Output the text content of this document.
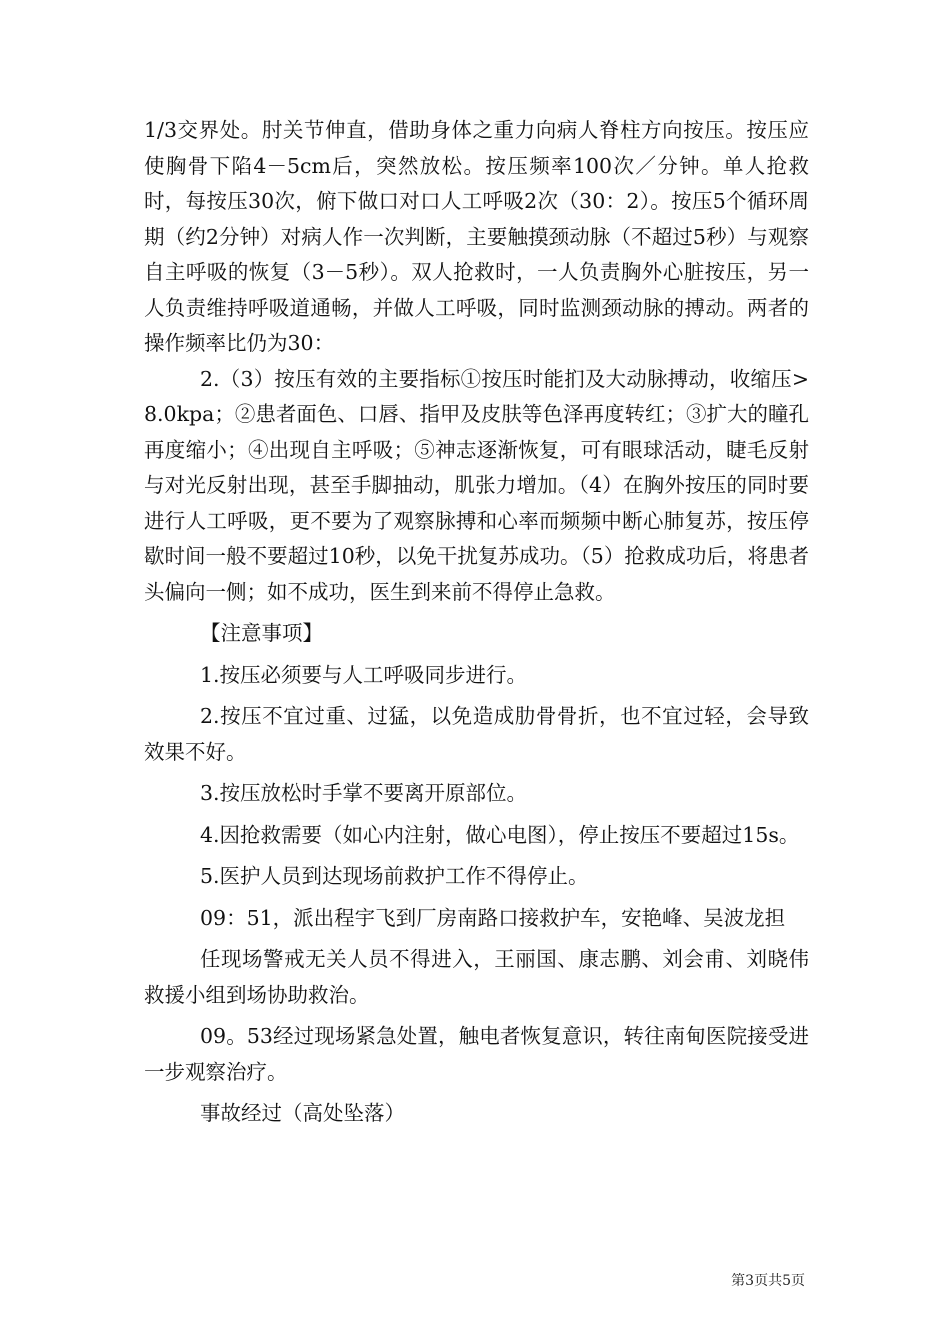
1/3交界处。肘关节伸直，借助身体之重力向病人脊柱方向按压。按压应使胸骨下陷4－5cm后，突然放松。按压频率100次／分钟。单人抢救时，每按压30次，俯下做口对口人工呼吸2次（30：2）。按压5个循环周期（约2分钟）对病人作一次判断，主要触摸颈动脉（不超过5秒）与观察自主呼吸的恢复（3－5秒）。双人抢救时，一人负责胸外心脏按压，另一人负责维持呼吸道通畅，并做人工呼吸，同时监测颈动脉的搏动。两者的操作频率比仍为30：

2.（3）按压有效的主要指标①按压时能扪及大动脉搏动，收缩压>8.0kpa；②患者面色、口唇、指甲及皮肤等色泽再度转红；③扩大的瞳孔再度缩小；④出现自主呼吸；⑤神志逐渐恢复，可有眼球活动，睫毛反射与对光反射出现，甚至手脚抽动，肌张力增加。（4）在胸外按压的同时要进行人工呼吸，更不要为了观察脉搏和心率而频频中断心肺复苏，按压停歇时间一般不要超过10秒，以免干扰复苏成功。（5）抢救成功后，将患者头偏向一侧；如不成功，医生到来前不得停止急救。

【注意事项】

1.按压必须要与人工呼吸同步进行。

2.按压不宜过重、过猛，以免造成肋骨骨折，也不宜过轻，会导致效果不好。

3.按压放松时手掌不要离开原部位。

4.因抢救需要（如心内注射，做心电图），停止按压不要超过15s。

5.医护人员到达现场前救护工作不得停止。

09：51，派出程宇飞到厂房南路口接救护车，安艳峰、吴波龙担

任现场警戒无关人员不得进入，王丽国、康志鹏、刘会甫、刘晓伟救援小组到场协助救治。

09。53经过现场紧急处置，触电者恢复意识，转往南甸医院接受进一步观察治疗。

事故经过（高处坠落）

第3页共5页
